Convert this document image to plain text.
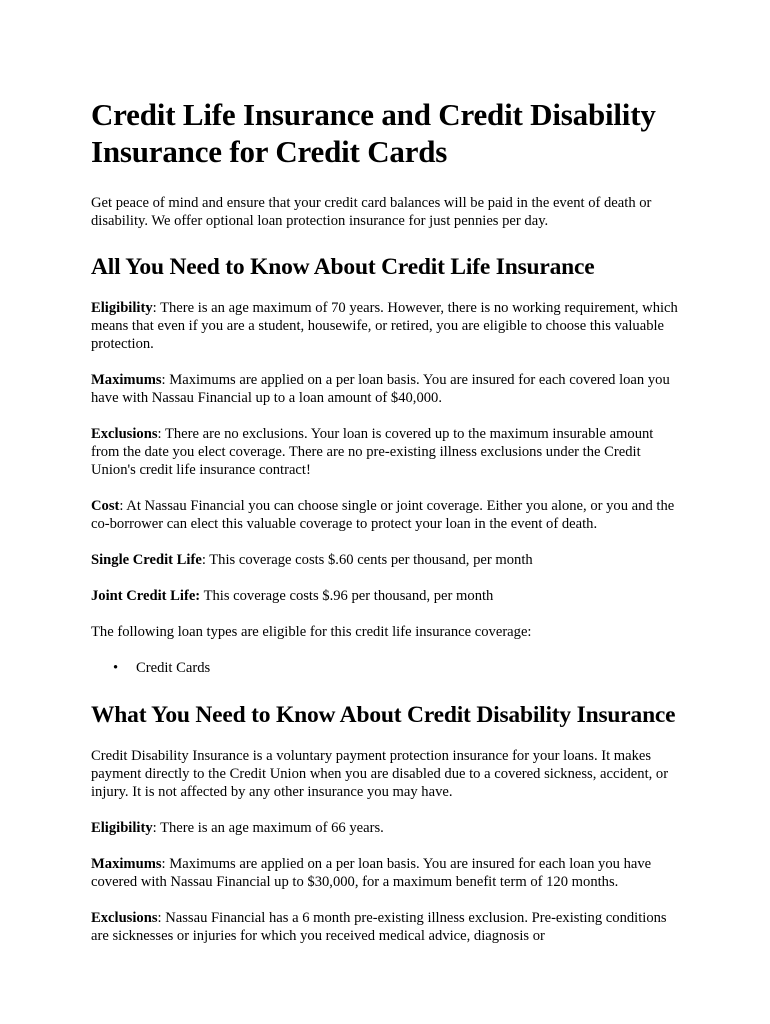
Credit Life Insurance and Credit Disability Insurance for Credit Cards

Get peace of mind and ensure that your credit card balances will be paid in the event of death or disability. We offer optional loan protection insurance for just pennies per day.

All You Need to Know About Credit Life Insurance

Eligibility: There is an age maximum of 70 years. However, there is no working requirement, which means that even if you are a student, housewife, or retired, you are eligible to choose this valuable protection.

Maximums: Maximums are applied on a per loan basis. You are insured for each covered loan you have with Nassau Financial up to a loan amount of $40,000.

Exclusions: There are no exclusions. Your loan is covered up to the maximum insurable amount from the date you elect coverage. There are no pre-existing illness exclusions under the Credit Union's credit life insurance contract!

Cost: At Nassau Financial you can choose single or joint coverage. Either you alone, or you and the co-borrower can elect this valuable coverage to protect your loan in the event of death.

Single Credit Life: This coverage costs $.60 cents per thousand, per month

Joint Credit Life: This coverage costs $.96 per thousand, per month

The following loan types are eligible for this credit life insurance coverage:

• Credit Cards
What You Need to Know About Credit Disability Insurance

Credit Disability Insurance is a voluntary payment protection insurance for your loans. It makes payment directly to the Credit Union when you are disabled due to a covered sickness, accident, or injury. It is not affected by any other insurance you may have.

Eligibility: There is an age maximum of 66 years.

Maximums: Maximums are applied on a per loan basis. You are insured for each loan you have covered with Nassau Financial up to $30,000, for a maximum benefit term of 120 months.

Exclusions: Nassau Financial has a 6 month pre-existing illness exclusion. Pre-existing conditions are sicknesses or injuries for which you received medical advice, diagnosis or
